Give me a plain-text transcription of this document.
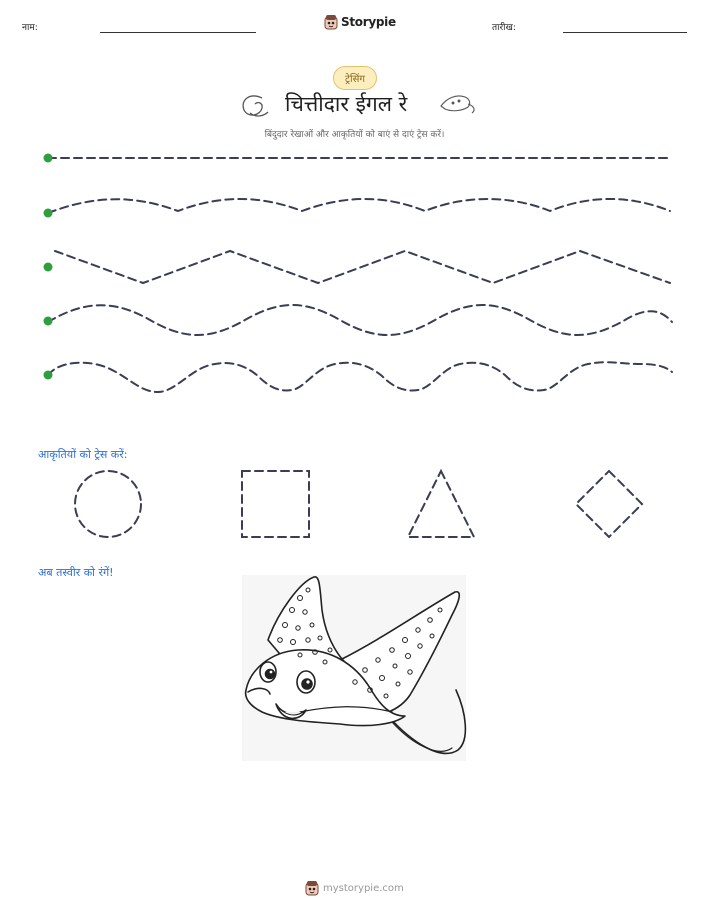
नाम:	Storypie	तारीख:
ट्रेसिंग
चित्तीदार ईगल रे
बिंदुदार रेखाओं और आकृतियों को बाएं से दाएं ट्रेस करें।
आकृतियों को ट्रेस करें:
अब तस्वीर को रंगें!
mystorypie.com
